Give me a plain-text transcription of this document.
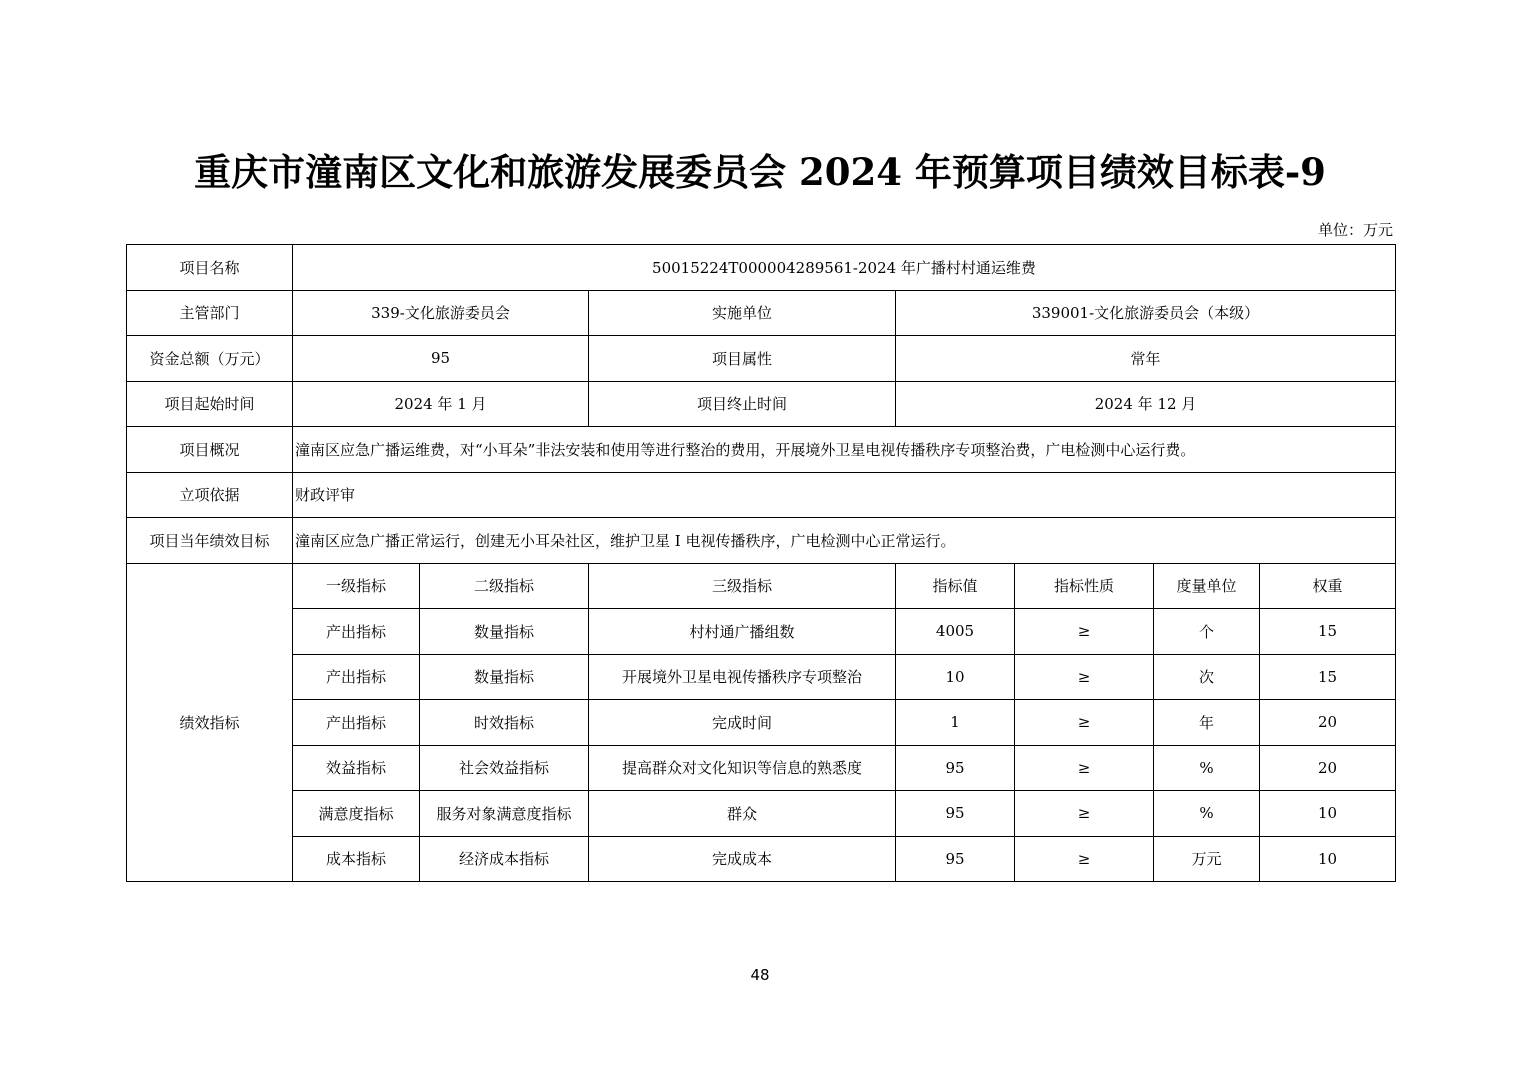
重庆市潼南区文化和旅游发展委员会 2024 年预算项目绩效目标表-9
单位：万元
项目名称	50015224T000004289561-2024 年广播村村通运维费						
主管部门	339-文化旅游委员会		实施单位	339001-文化旅游委员会（本级）			
资金总额（万元）	95		项目属性	常年			
项目起始时间	2024 年 1 月		项目终止时间	2024 年 12 月			
项目概况	潼南区应急广播运维费，对“小耳朵”非法安装和使用等进行整治的费用，开展境外卫星电视传播秩序专项整治费，广电检测中心运行费。						
立项依据	财政评审						
项目当年绩效目标	潼南区应急广播正常运行，创建无小耳朵社区，维护卫星 I 电视传播秩序，广电检测中心正常运行。						
绩效指标	一级指标	二级指标	三级指标	指标值	指标性质	度量单位	权重
	产出指标	数量指标	村村通广播组数	4005	≥	个	15
	产出指标	数量指标	开展境外卫星电视传播秩序专项整治	10	≥	次	15
	产出指标	时效指标	完成时间	1	≥	年	20
	效益指标	社会效益指标	提高群众对文化知识等信息的熟悉度	95	≥	%	20
	满意度指标	服务对象满意度指标	群众	95	≥	%	10
	成本指标	经济成本指标	完成成本	95	≥	万元	10
48
